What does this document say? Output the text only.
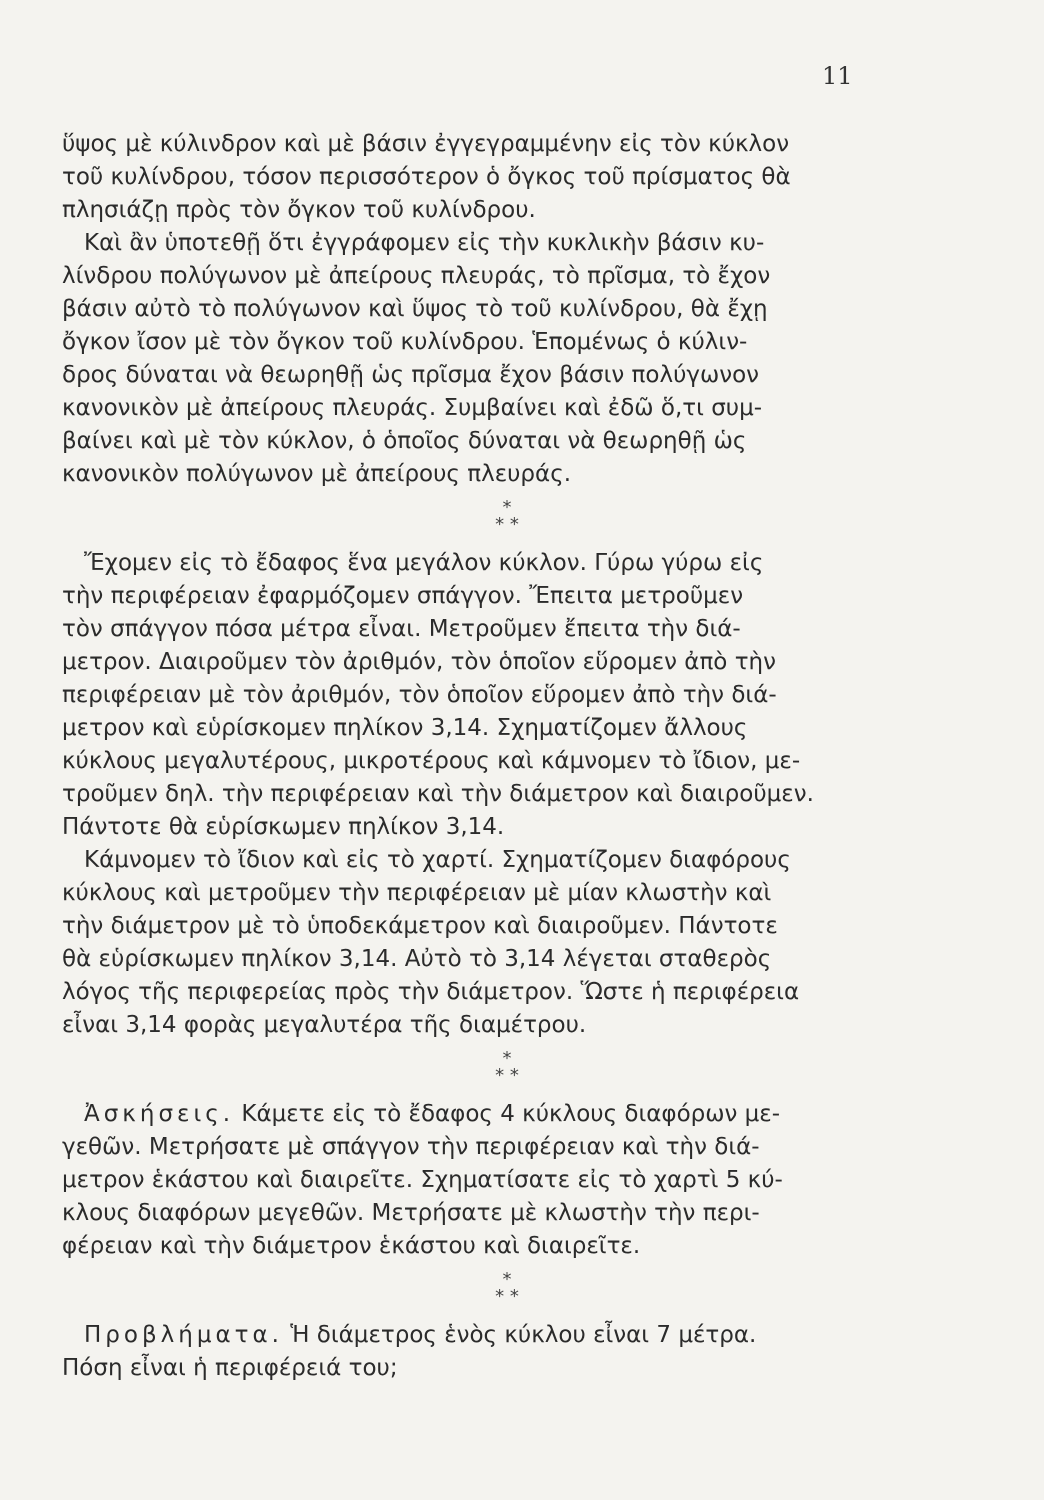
11

ὕψος μὲ κύλινδρον καὶ μὲ βάσιν ἐγγεγραμμένην εἰς τὸν κύκλον
τοῦ κυλίνδρου, τόσον περισσότερον ὁ ὄγκος τοῦ πρίσματος θὰ
πλησιάζῃ πρὸς τὸν ὄγκον τοῦ κυλίνδρου.

Καὶ ἂν ὑποτεθῇ ὅτι ἐγγράφομεν εἰς τὴν κυκλικὴν βάσιν κυ-
λίνδρου πολύγωνον μὲ ἀπείρους πλευράς, τὸ πρῖσμα, τὸ ἔχον
βάσιν αὐτὸ τὸ πολύγωνον καὶ ὕψος τὸ τοῦ κυλίνδρου, θὰ ἔχῃ
ὄγκον ἴσον μὲ τὸν ὄγκον τοῦ κυλίνδρου. Ἑπομένως ὁ κύλιν-
δρος δύναται νὰ θεωρηθῇ ὡς πρῖσμα ἔχον βάσιν πολύγωνον
κανονικὸν μὲ ἀπείρους πλευράς. Συμβαίνει καὶ ἐδῶ ὅ,τι συμ-
βαίνει καὶ μὲ τὸν κύκλον, ὁ ὁποῖος δύναται νὰ θεωρηθῇ ὡς
κανονικὸν πολύγωνον μὲ ἀπείρους πλευράς.

*
* *

Ἔχομεν εἰς τὸ ἔδαφος ἕνα μεγάλον κύκλον. Γύρω γύρω εἰς
τὴν περιφέρειαν ἐφαρμόζομεν σπάγγον. Ἔπειτα μετροῦμεν
τὸν σπάγγον πόσα μέτρα εἶναι. Μετροῦμεν ἔπειτα τὴν διά-
μετρον. Διαιροῦμεν τὸν ἀριθμόν, τὸν ὁποῖον εὕρομεν ἀπὸ τὴν
περιφέρειαν μὲ τὸν ἀριθμόν, τὸν ὁποῖον εὕρομεν ἀπὸ τὴν διά-
μετρον καὶ εὑρίσκομεν πηλίκον 3,14. Σχηματίζομεν ἄλλους
κύκλους μεγαλυτέρους, μικροτέρους καὶ κάμνομεν τὸ ἴδιον, με-
τροῦμεν δηλ. τὴν περιφέρειαν καὶ τὴν διάμετρον καὶ διαιροῦμεν.
Πάντοτε θὰ εὑρίσκωμεν πηλίκον 3,14.

Κάμνομεν τὸ ἴδιον καὶ εἰς τὸ χαρτί. Σχηματίζομεν διαφόρους
κύκλους καὶ μετροῦμεν τὴν περιφέρειαν μὲ μίαν κλωστὴν καὶ
τὴν διάμετρον μὲ τὸ ὑποδεκάμετρον καὶ διαιροῦμεν. Πάντοτε
θὰ εὑρίσκωμεν πηλίκον 3,14. Αὐτὸ τὸ 3,14 λέγεται σταθερὸς
λόγος τῆς περιφερείας πρὸς τὴν διάμετρον. Ὥστε ἡ περιφέρεια
εἶναι 3,14 φορὰς μεγαλυτέρα τῆς διαμέτρου.

*
* *

Ἀσκήσεις. Κάμετε εἰς τὸ ἔδαφος 4 κύκλους διαφόρων με-
γεθῶν. Μετρήσατε μὲ σπάγγον τὴν περιφέρειαν καὶ τὴν διά-
μετρον ἑκάστου καὶ διαιρεῖτε. Σχηματίσατε εἰς τὸ χαρτὶ 5 κύ-
κλους διαφόρων μεγεθῶν. Μετρήσατε μὲ κλωστὴν τὴν περι-
φέρειαν καὶ τὴν διάμετρον ἑκάστου καὶ διαιρεῖτε.

*
* *

Προβλήματα. Ἡ διάμετρος ἑνὸς κύκλου εἶναι 7 μέτρα.
Πόση εἶναι ἡ περιφέρειά του;
